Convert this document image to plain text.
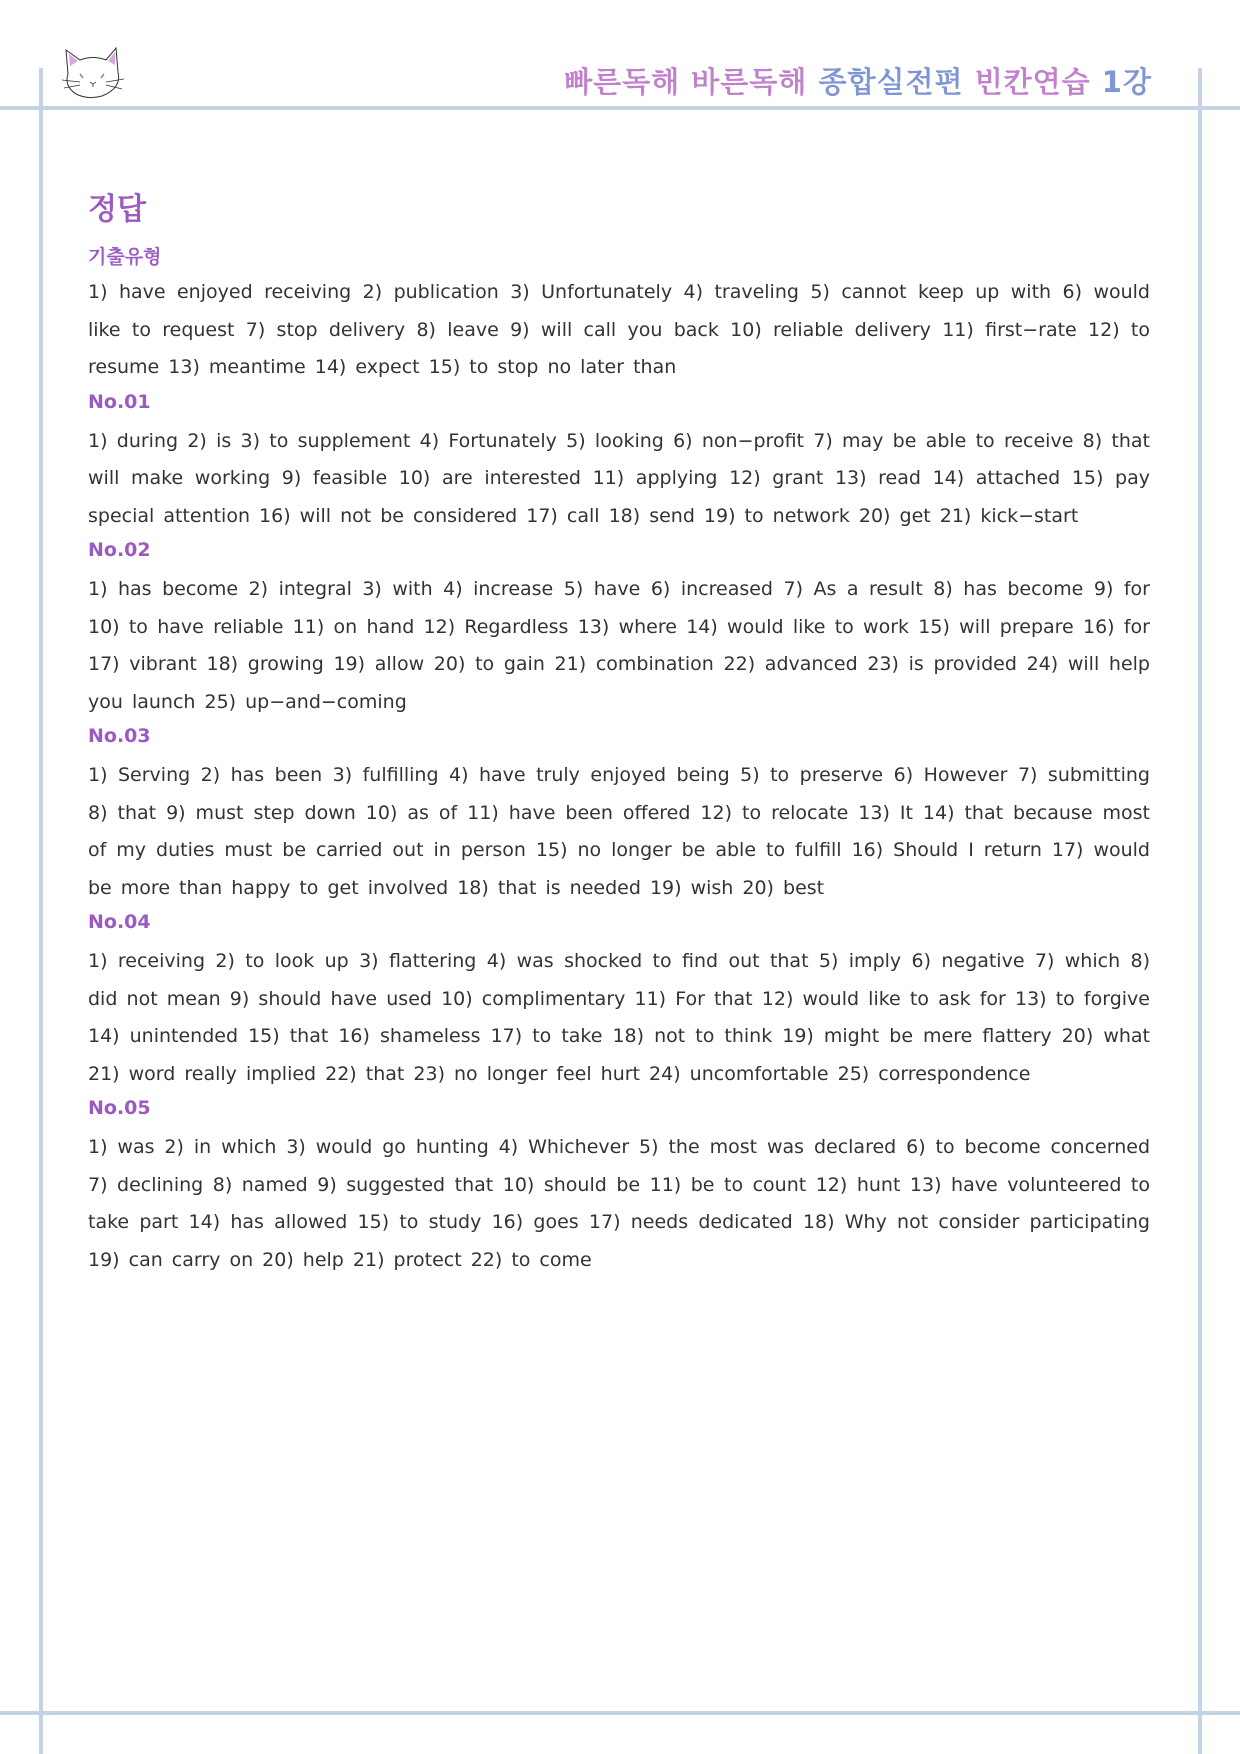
빠른독해 바른독해 종합실전편 빈칸연습 1강
정답
기출유형

1) have enjoyed receiving 2) publication 3) Unfortunately 4) traveling 5) cannot keep up with 6) would like to request 7) stop delivery 8) leave 9) will call you back 10) reliable delivery 11) first−rate 12) to resume 13) meantime 14) expect 15) to stop no later than

No.01

1) during 2) is 3) to supplement 4) Fortunately 5) looking 6) non−profit 7) may be able to receive 8) that will make working 9) feasible 10) are interested 11) applying 12) grant 13) read 14) attached 15) pay special attention 16) will not be considered 17) call 18) send 19) to network 20) get 21) kick−start

No.02

1) has become 2) integral 3) with 4) increase 5) have 6) increased 7) As a result 8) has become 9) for 10) to have reliable 11) on hand 12) Regardless 13) where 14) would like to work 15) will prepare 16) for 17) vibrant 18) growing 19) allow 20) to gain 21) combination 22) advanced 23) is provided 24) will help you launch 25) up−and−coming

No.03

1) Serving 2) has been 3) fulfilling 4) have truly enjoyed being 5) to preserve 6) However 7) submitting 8) that 9) must step down 10) as of 11) have been offered 12) to relocate 13) It 14) that because most of my duties must be carried out in person 15) no longer be able to fulfill 16) Should I return 17) would be more than happy to get involved 18) that is needed 19) wish 20) best

No.04

1) receiving 2) to look up 3) flattering 4) was shocked to find out that 5) imply 6) negative 7) which 8) did not mean 9) should have used 10) complimentary 11) For that 12) would like to ask for 13) to forgive 14) unintended 15) that 16) shameless 17) to take 18) not to think 19) might be mere flattery 20) what 21) word really implied 22) that 23) no longer feel hurt 24) uncomfortable 25) correspondence

No.05

1) was 2) in which 3) would go hunting 4) Whichever 5) the most was declared 6) to become concerned 7) declining 8) named 9) suggested that 10) should be 11) be to count 12) hunt 13) have volunteered to take part 14) has allowed 15) to study 16) goes 17) needs dedicated 18) Why not consider participating 19) can carry on 20) help 21) protect 22) to come
